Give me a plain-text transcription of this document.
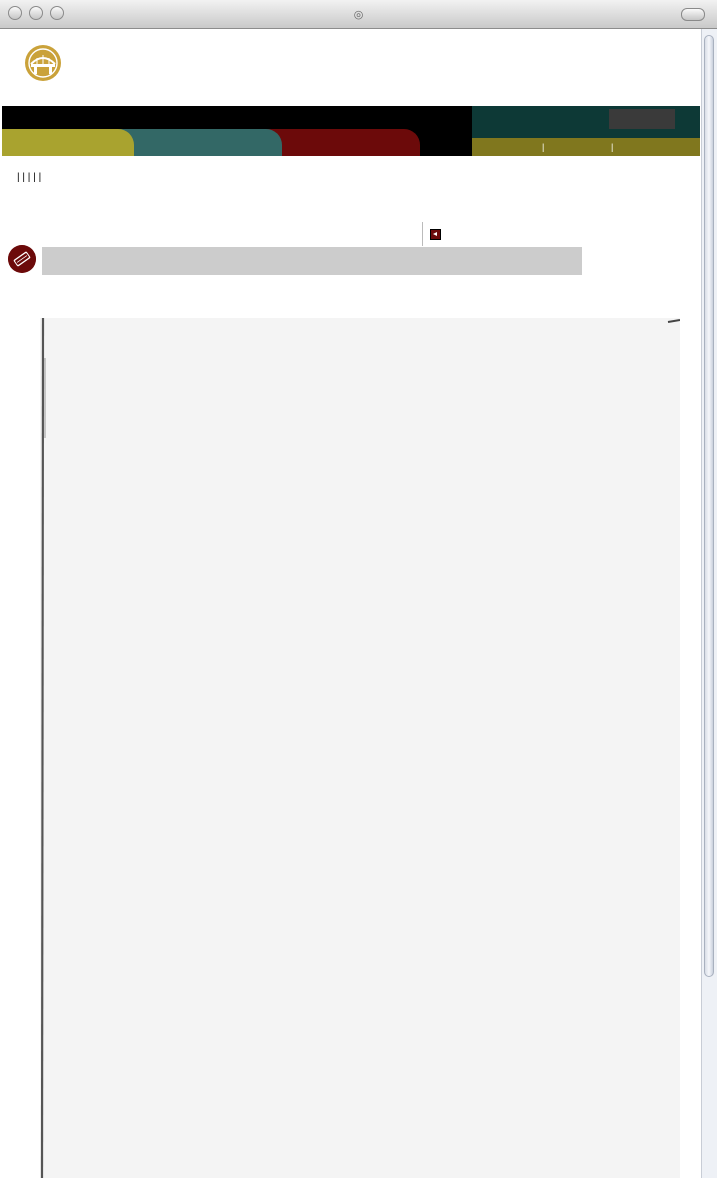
◎
|	|
| | | | |
